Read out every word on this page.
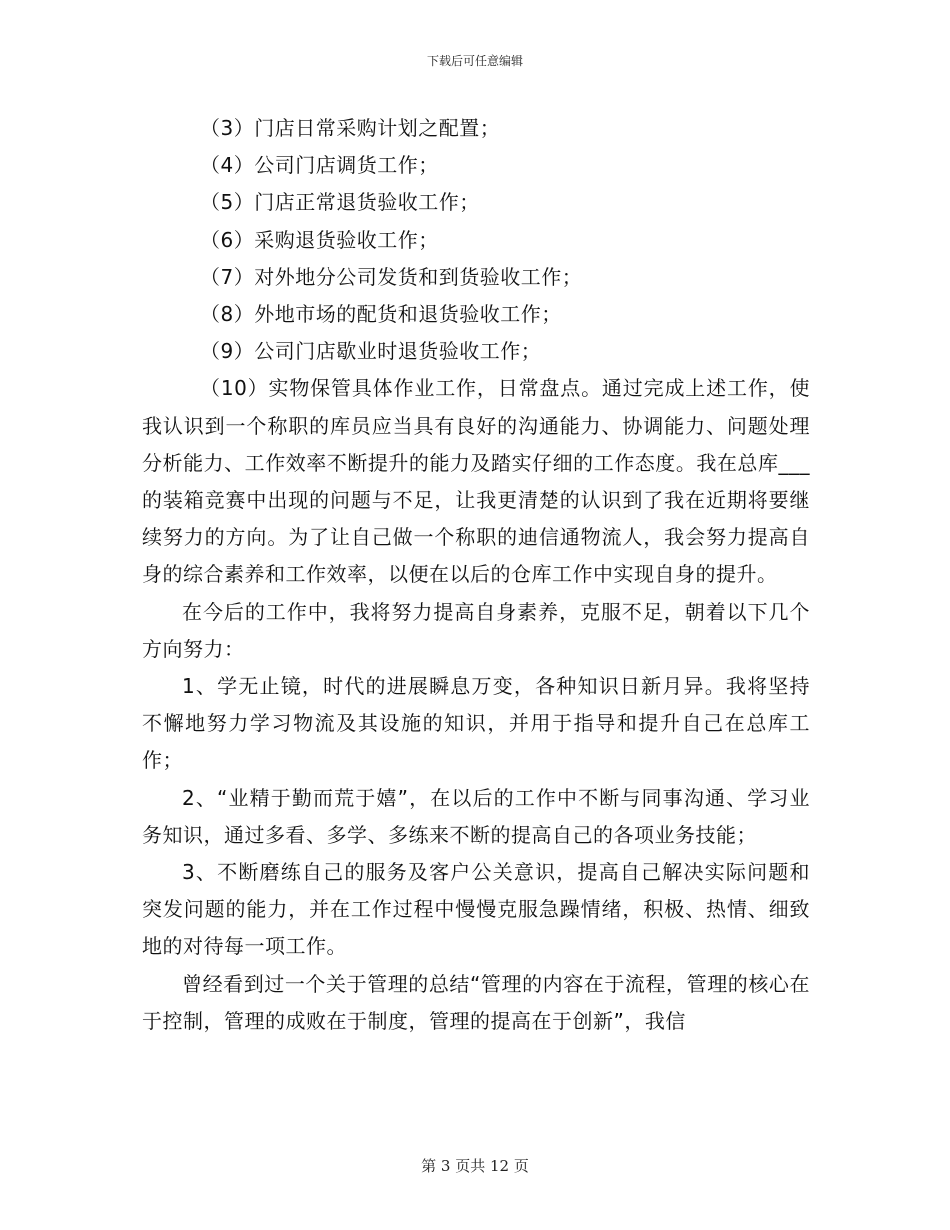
下载后可任意编辑

（3）门店日常采购计划之配置；

（4）公司门店调货工作；

（5）门店正常退货验收工作；

（6）采购退货验收工作；

（7）对外地分公司发货和到货验收工作；

（8）外地市场的配货和退货验收工作；

（9）公司门店歇业时退货验收工作；

（10）实物保管具体作业工作，日常盘点。通过完成上述工作，使我认识到一个称职的库员应当具有良好的沟通能力、协调能力、问题处理分析能力、工作效率不断提升的能力及踏实仔细的工作态度。我在总库___的装箱竞赛中出现的问题与不足，让我更清楚的认识到了我在近期将要继续努力的方向。为了让自己做一个称职的迪信通物流人，我会努力提高自身的综合素养和工作效率，以便在以后的仓库工作中实现自身的提升。

在今后的工作中，我将努力提高自身素养，克服不足，朝着以下几个方向努力：

1、学无止镜，时代的进展瞬息万变，各种知识日新月异。我将坚持不懈地努力学习物流及其设施的知识，并用于指导和提升自己在总库工作；

2、“业精于勤而荒于嬉”，在以后的工作中不断与同事沟通、学习业务知识，通过多看、多学、多练来不断的提高自己的各项业务技能；

3、不断磨练自己的服务及客户公关意识，提高自己解决实际问题和突发问题的能力，并在工作过程中慢慢克服急躁情绪，积极、热情、细致地的对待每一项工作。

曾经看到过一个关于管理的总结“管理的内容在于流程，管理的核心在于控制，管理的成败在于制度，管理的提高在于创新”，我信

第 3 页共 12 页
